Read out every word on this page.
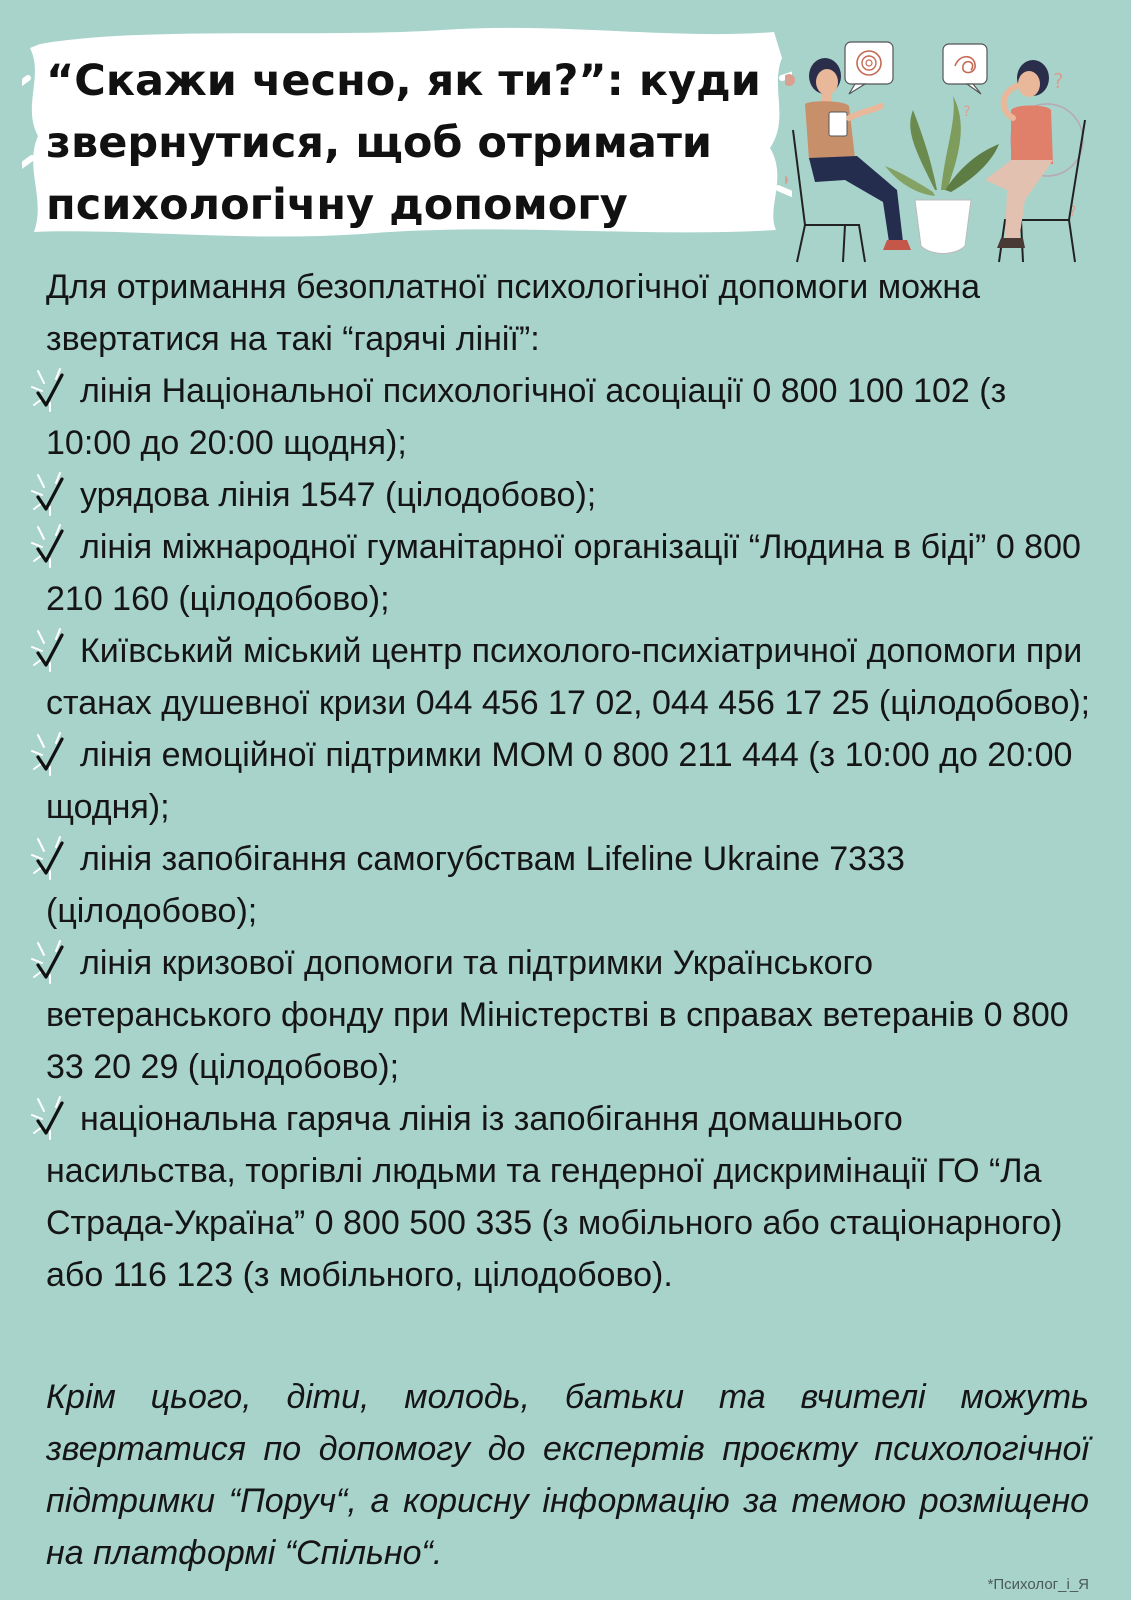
“Скажи чесно, як ти?”: куди
звернутися, щоб отримати
психологічну допомогу
?
?
?

Для отримання безоплатної психологічної допомоги можна звертатися на такі “гарячі лінії”:

лінія Національної психологічної асоціації 0 800 100 102 (з 10:00 до 20:00 щодня);
урядова лінія 1547 (цілодобово);
лінія міжнародної гуманітарної організації “Людина в біді” 0 800 210 160 (цілодобово);
Київський міський центр психолого-психіатричної допомоги при станах душевної кризи 044 456 17 02, 044 456 17 25 (цілодобово);
лінія емоційної підтримки МОМ 0 800 211 444 (з 10:00 до 20:00 щодня);
лінія запобігання самогубствам Lifeline Ukraine 7333 (цілодобово);
лінія кризової допомоги та підтримки Українського ветеранського фонду при Міністерстві в справах ветеранів 0 800 33 20 29 (цілодобово);
національна гаряча лінія із запобігання домашнього насильства, торгівлі людьми та гендерної дискримінації ГО “Ла Страда-Україна” 0 800 500 335 (з мобільного або стаціонарного) або 116 123 (з мобільного, цілодобово).

Крім цього, діти, молодь, батьки та вчителі можуть звертатися по допомогу до експертів проєкту психологічної підтримки “Поруч“, а корисну інформацію за темою розміщено на платформі “Спільно“.

*Психолог_і_Я
